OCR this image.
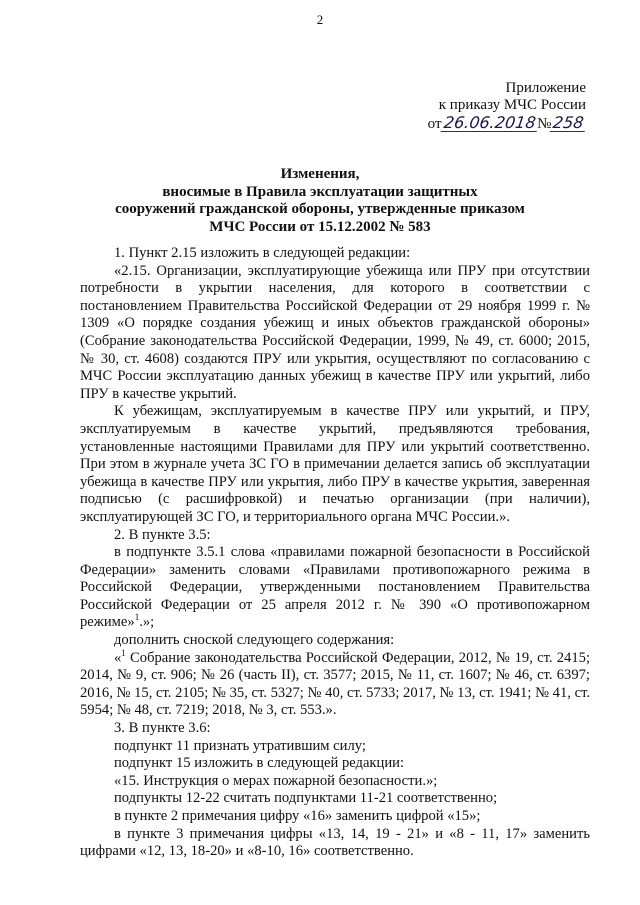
2
Приложение
к приказу МЧС России
от26.06.2018№258
Изменения,
вносимые в Правила эксплуатации защитных
сооружений гражданской обороны, утвержденные приказом
МЧС России от 15.12.2002 № 583

1. Пункт 2.15 изложить в следующей редакции:

«2.15. Организации, эксплуатирующие убежища или ПРУ при отсутствии потребности в укрытии населения, для которого в соответствии с постановлением Правительства Российской Федерации от 29 ноября 1999 г. № 1309 «О порядке создания убежищ и иных объектов гражданской обороны» (Собрание законодательства Российской Федерации, 1999, № 49, ст. 6000; 2015, № 30, ст. 4608) создаются ПРУ или укрытия, осуществляют по согласованию с МЧС России эксплуатацию данных убежищ в качестве ПРУ или укрытий, либо ПРУ в качестве укрытий.

К убежищам, эксплуатируемым в качестве ПРУ или укрытий, и ПРУ, эксплуатируемым в качестве укрытий, предъявляются требования, установленные настоящими Правилами для ПРУ или укрытий соответственно. При этом в журнале учета ЗС ГО в примечании делается запись об эксплуатации убежища в качестве ПРУ или укрытия, либо ПРУ в качестве укрытия, заверенная подписью (с расшифровкой) и печатью организации (при наличии), эксплуатирующей ЗС ГО, и территориального органа МЧС России.».

2. В пункте 3.5:

в подпункте 3.5.1 слова «правилами пожарной безопасности в Российской Федерации» заменить словами «Правилами противопожарного режима в Российской Федерации, утвержденными постановлением Правительства Российской Федерации от 25 апреля 2012 г. № 390 «О противопожарном режиме»$^1$.»;

дополнить сноской следующего содержания:

«$^1$ Собрание законодательства Российской Федерации, 2012, № 19, ст. 2415; 2014, № 9, ст. 906; № 26 (часть II), ст. 3577; 2015, № 11, ст. 1607; № 46, ст. 6397; 2016, № 15, ст. 2105; № 35, ст. 5327; № 40, ст. 5733; 2017, № 13, ст. 1941; № 41, ст. 5954; № 48, ст. 7219; 2018, № 3, ст. 553.».

3. В пункте 3.6:

подпункт 11 признать утратившим силу;

подпункт 15 изложить в следующей редакции:

«15. Инструкция о мерах пожарной безопасности.»;

подпункты 12-22 считать подпунктами 11-21 соответственно;

в пункте 2 примечания цифру «16» заменить цифрой «15»;

в пункте 3 примечания цифры «13, 14, 19 - 21» и «8 - 11, 17» заменить цифрами «12, 13, 18-20» и «8-10, 16» соответственно.
